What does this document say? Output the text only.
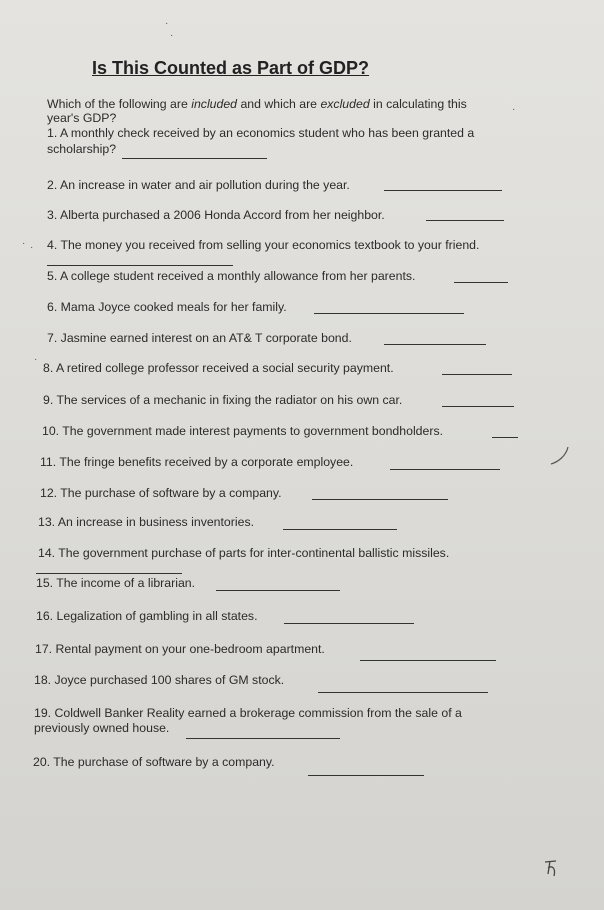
Is This Counted as Part of GDP?
Which of the following are included and which are excluded in calculating this
year's GDP?
1. A monthly check received by an economics student who has been granted a
scholarship?
2. An increase in water and air pollution during the year.
3. Alberta purchased a 2006 Honda Accord from her neighbor.
4. The money you received from selling your economics textbook to your friend.
5. A college student received a monthly allowance from her parents.
6. Mama Joyce cooked meals for her family.
7. Jasmine earned interest on an AT& T corporate bond.
8. A retired college professor received a social security payment.
9. The services of a mechanic in fixing the radiator on his own car.
10. The government made interest payments to government bondholders.
11. The fringe benefits received by a corporate employee.
12. The purchase of software by a company.
13. An increase in business inventories.
14. The government purchase of parts for inter-continental ballistic missiles.
15. The income of a librarian.
16. Legalization of gambling in all states.
17. Rental payment on your one-bedroom apartment.
18. Joyce purchased 100 shares of GM stock.
19. Coldwell Banker Reality earned a brokerage commission from the sale of a
previously owned house.
20. The purchase of software by a company.
·
·
· ·
·
·
